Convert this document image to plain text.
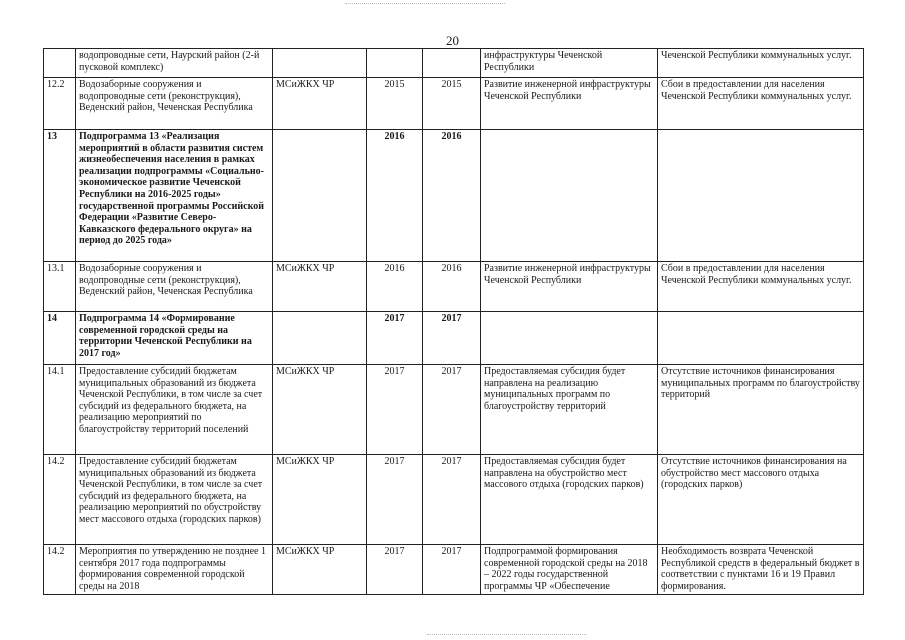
20
	водопроводные сети, Наурский район (2-й пусковой комплекс)				инфраструктуры Чеченской Республики	Чеченской Республики коммунальных услуг.
12.2	Водозаборные сооружения и водопроводные сети (реконструкция), Веденский район, Чеченская Республика	МСиЖКХ ЧР	2015	2015	Развитие инженерной инфраструктуры Чеченской Республики	Сбои в предоставлении для населения Чеченской Республики коммунальных услуг.
13	Подпрограмма 13 «Реализация мероприятий в области развития систем жизнеобеспечения населения в рамках реализации подпрограммы «Социально-экономическое развитие Чеченской Республики на 2016-2025 годы» государственной программы Российской Федерации «Развитие Северо-Кавказского федерального округа» на период до 2025 года»		2016	2016		
13.1	Водозаборные сооружения и водопроводные сети (реконструкция), Веденский район, Чеченская Республика	МСиЖКХ ЧР	2016	2016	Развитие инженерной инфраструктуры Чеченской Республики	Сбои в предоставлении для населения Чеченской Республики коммунальных услуг.
14	Подпрограмма 14 «Формирование современной городской среды на территории Чеченской Республики на 2017 год»		2017	2017		
14.1	Предоставление субсидий бюджетам муниципальных образований из бюджета Чеченской Республики, в том числе за счет субсидий из федерального бюджета, на реализацию мероприятий по благоустройству территорий поселений	МСиЖКХ ЧР	2017	2017	Предоставляемая субсидия будет направлена на реализацию муниципальных программ по благоустройству территорий	Отсутствие источников финансирования муниципальных программ по благоустройству территорий
14.2	Предоставление субсидий бюджетам муниципальных образований из бюджета Чеченской Республики, в том числе за счет субсидий из федерального бюджета, на реализацию мероприятий по обустройству мест массового отдыха (городских парков)	МСиЖКХ ЧР	2017	2017	Предоставляемая субсидия будет направлена на обустройство мест массового отдыха (городских парков)	Отсутствие источников финансирования на обустройство мест массового отдыха (городских парков)
14.2	Мероприятия по утверждению не позднее 1 сентября 2017 года подпрограммы формирования современной городской среды на 2018	МСиЖКХ ЧР	2017	2017	Подпрограммой формирования современной городской среды на 2018 – 2022 годы государственной программы ЧР «Обеспечение	Необходимость возврата Чеченской Республикой средств в федеральный бюджет в соответствии с пунктами 16 и 19 Правил формирования.
